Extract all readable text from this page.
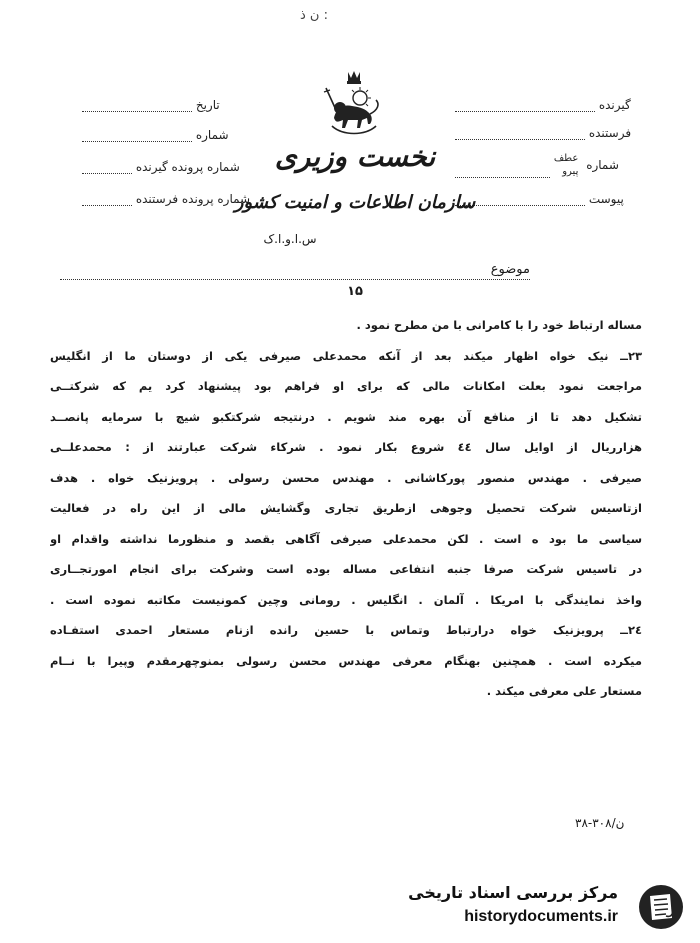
ن ذ :
گیرنده
فرستنده
شماره
عطف
پیرو

پیوست
تاریخ
شماره
شماره پرونده گیرنده
شماره پرونده فرستنده
نخست وزیری
سازمان اطلاعات و امنیت کشور
س.ا.و.ا.ک
موضوع
۱۵
مساله ارتباط خود را با کامرانی با من مطرح نمود .
۲۳ــ نیک خواه اظهار میکند بعد از آنکه محمدعلی صیرفی یکی از دوستان ما از انگلیس
مراجعت نمود بعلت امکانات مالی که برای او فراهم بود پیشنهاد کرد یم که شرکتــی
تشکیل دهد تا از منافع آن بهره مند شویم . درنتیجه شرکتکبو شیچ با سرمایه پانصــد
هزارریال از اوایل سال ٤٤ شروع بکار نمود . شرکاء شرکت عبارتند از : محمدعلــی
صیرفی . مهندس منصور پورکاشانی . مهندس محسن رسولی . پرویزنیک خواه . هدف
ازتاسیس شرکت تحصیل وجوهی ازطریق تجاری وگشایش مالی از این راه در فعالیت
سیاسی ما بود ه است . لکن محمدعلی صیرفی آگاهی بقصد و منظورما نداشته واقدام او
در تاسیس شرکت صرفا جنبه انتفاعی مساله بوده است وشرکت برای انجام امورتجــاری
واخذ نمایندگی با امریکا . آلمان . انگلیس . رومانی وچین کمونیست مکاتبه نموده است .
۲٤ــ پرویزنیک خواه درارتباط وتماس با حسین رانده ازنام مستعار احمدی استفـاده
میکرده است . همچنین بهنگام معرفی مهندس محسن رسولی بمنوچهرمقدم وپیرا با نــام
مستعار علی معرفی میکند .
ن/۳۰۸-۳۸
مرکز بررسی اسناد تاریخی
historydocuments.ir
